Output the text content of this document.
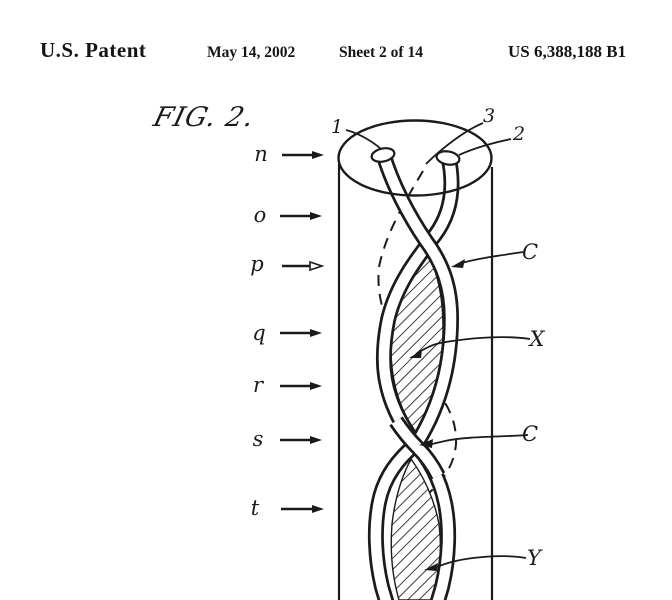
U.S. Patent	May 14, 2002	Sheet 2 of 14	US 6,388,188 B1
FIG. 2.
n
o
p
q
r
s
t
1	3
2
C
X
C
Y
